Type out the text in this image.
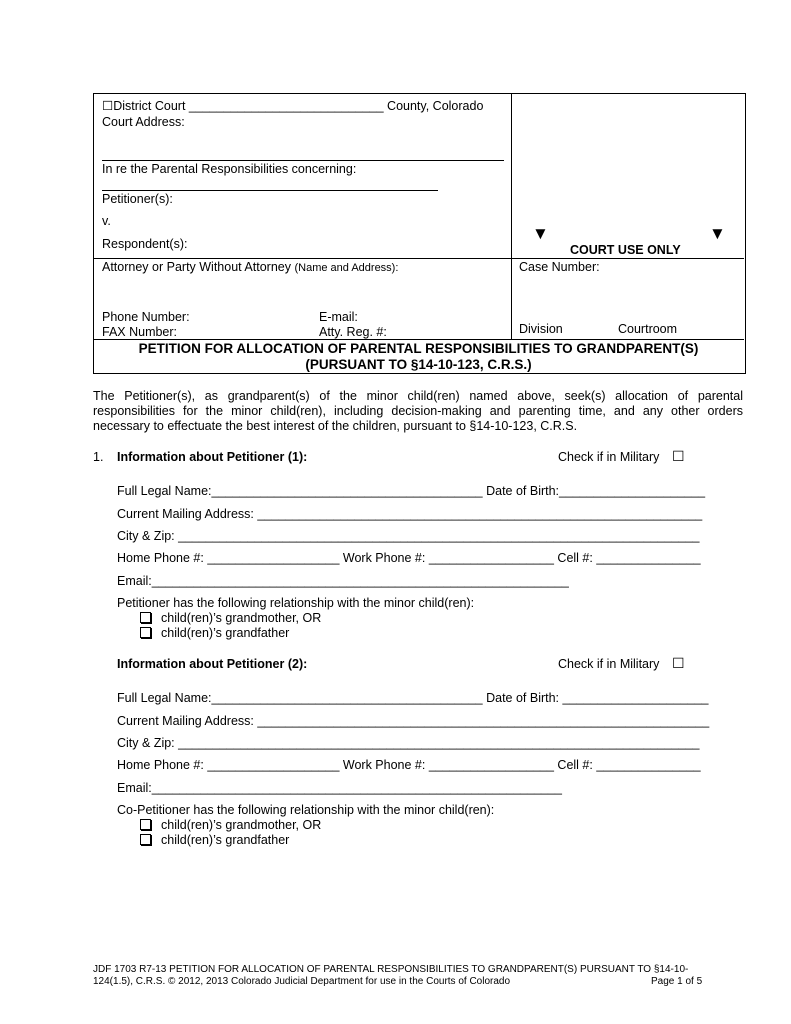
☐District Court ____________________________ County, Colorado
Court Address:
In re the Parental Responsibilities concerning:
Petitioner(s):
v.
Respondent(s):
▼
COURT USE ONLY
▼
Attorney or Party Without Attorney (Name and Address):
Phone Number:	E-mail:
FAX Number:	Atty. Reg. #:
Case Number:
Division	Courtroom
PETITION FOR ALLOCATION OF PARENTAL RESPONSIBILITIES TO GRANDPARENT(S)
(PURSUANT TO §14-10-123, C.R.S.)
The Petitioner(s), as grandparent(s) of the minor child(ren) named above, seek(s) allocation of parental responsibilities for the minor child(ren), including decision-making and parenting time, and any other orders necessary to effectuate the best interest of the children, pursuant to §14-10-123, C.R.S.
1. Information about Petitioner (1):	Check if in Military ☐
Full Legal Name:_______________________________________ Date of Birth:_____________________
Current Mailing Address: ________________________________________________________________
City & Zip: ___________________________________________________________________________
Home Phone #: ___________________ Work Phone #: __________________ Cell #: _______________
Email:____________________________________________________________
Petitioner has the following relationship with the minor child(ren):
child(ren)’s grandmother, OR
child(ren)’s grandfather
Information about Petitioner (2):	Check if in Military ☐
Full Legal Name:_______________________________________ Date of Birth: _____________________
Current Mailing Address: _________________________________________________________________
City & Zip: ___________________________________________________________________________
Home Phone #: ___________________ Work Phone #: __________________ Cell #: _______________
Email:___________________________________________________________
Co-Petitioner has the following relationship with the minor child(ren):
child(ren)’s grandmother, OR
child(ren)’s grandfather
JDF 1703 R7-13 PETITION FOR ALLOCATION OF PARENTAL RESPONSIBILITIES TO GRANDPARENT(S) PURSUANT TO §14-10-
124(1.5), C.R.S. © 2012, 2013 Colorado Judicial Department for use in the Courts of Colorado	Page 1 of 5
